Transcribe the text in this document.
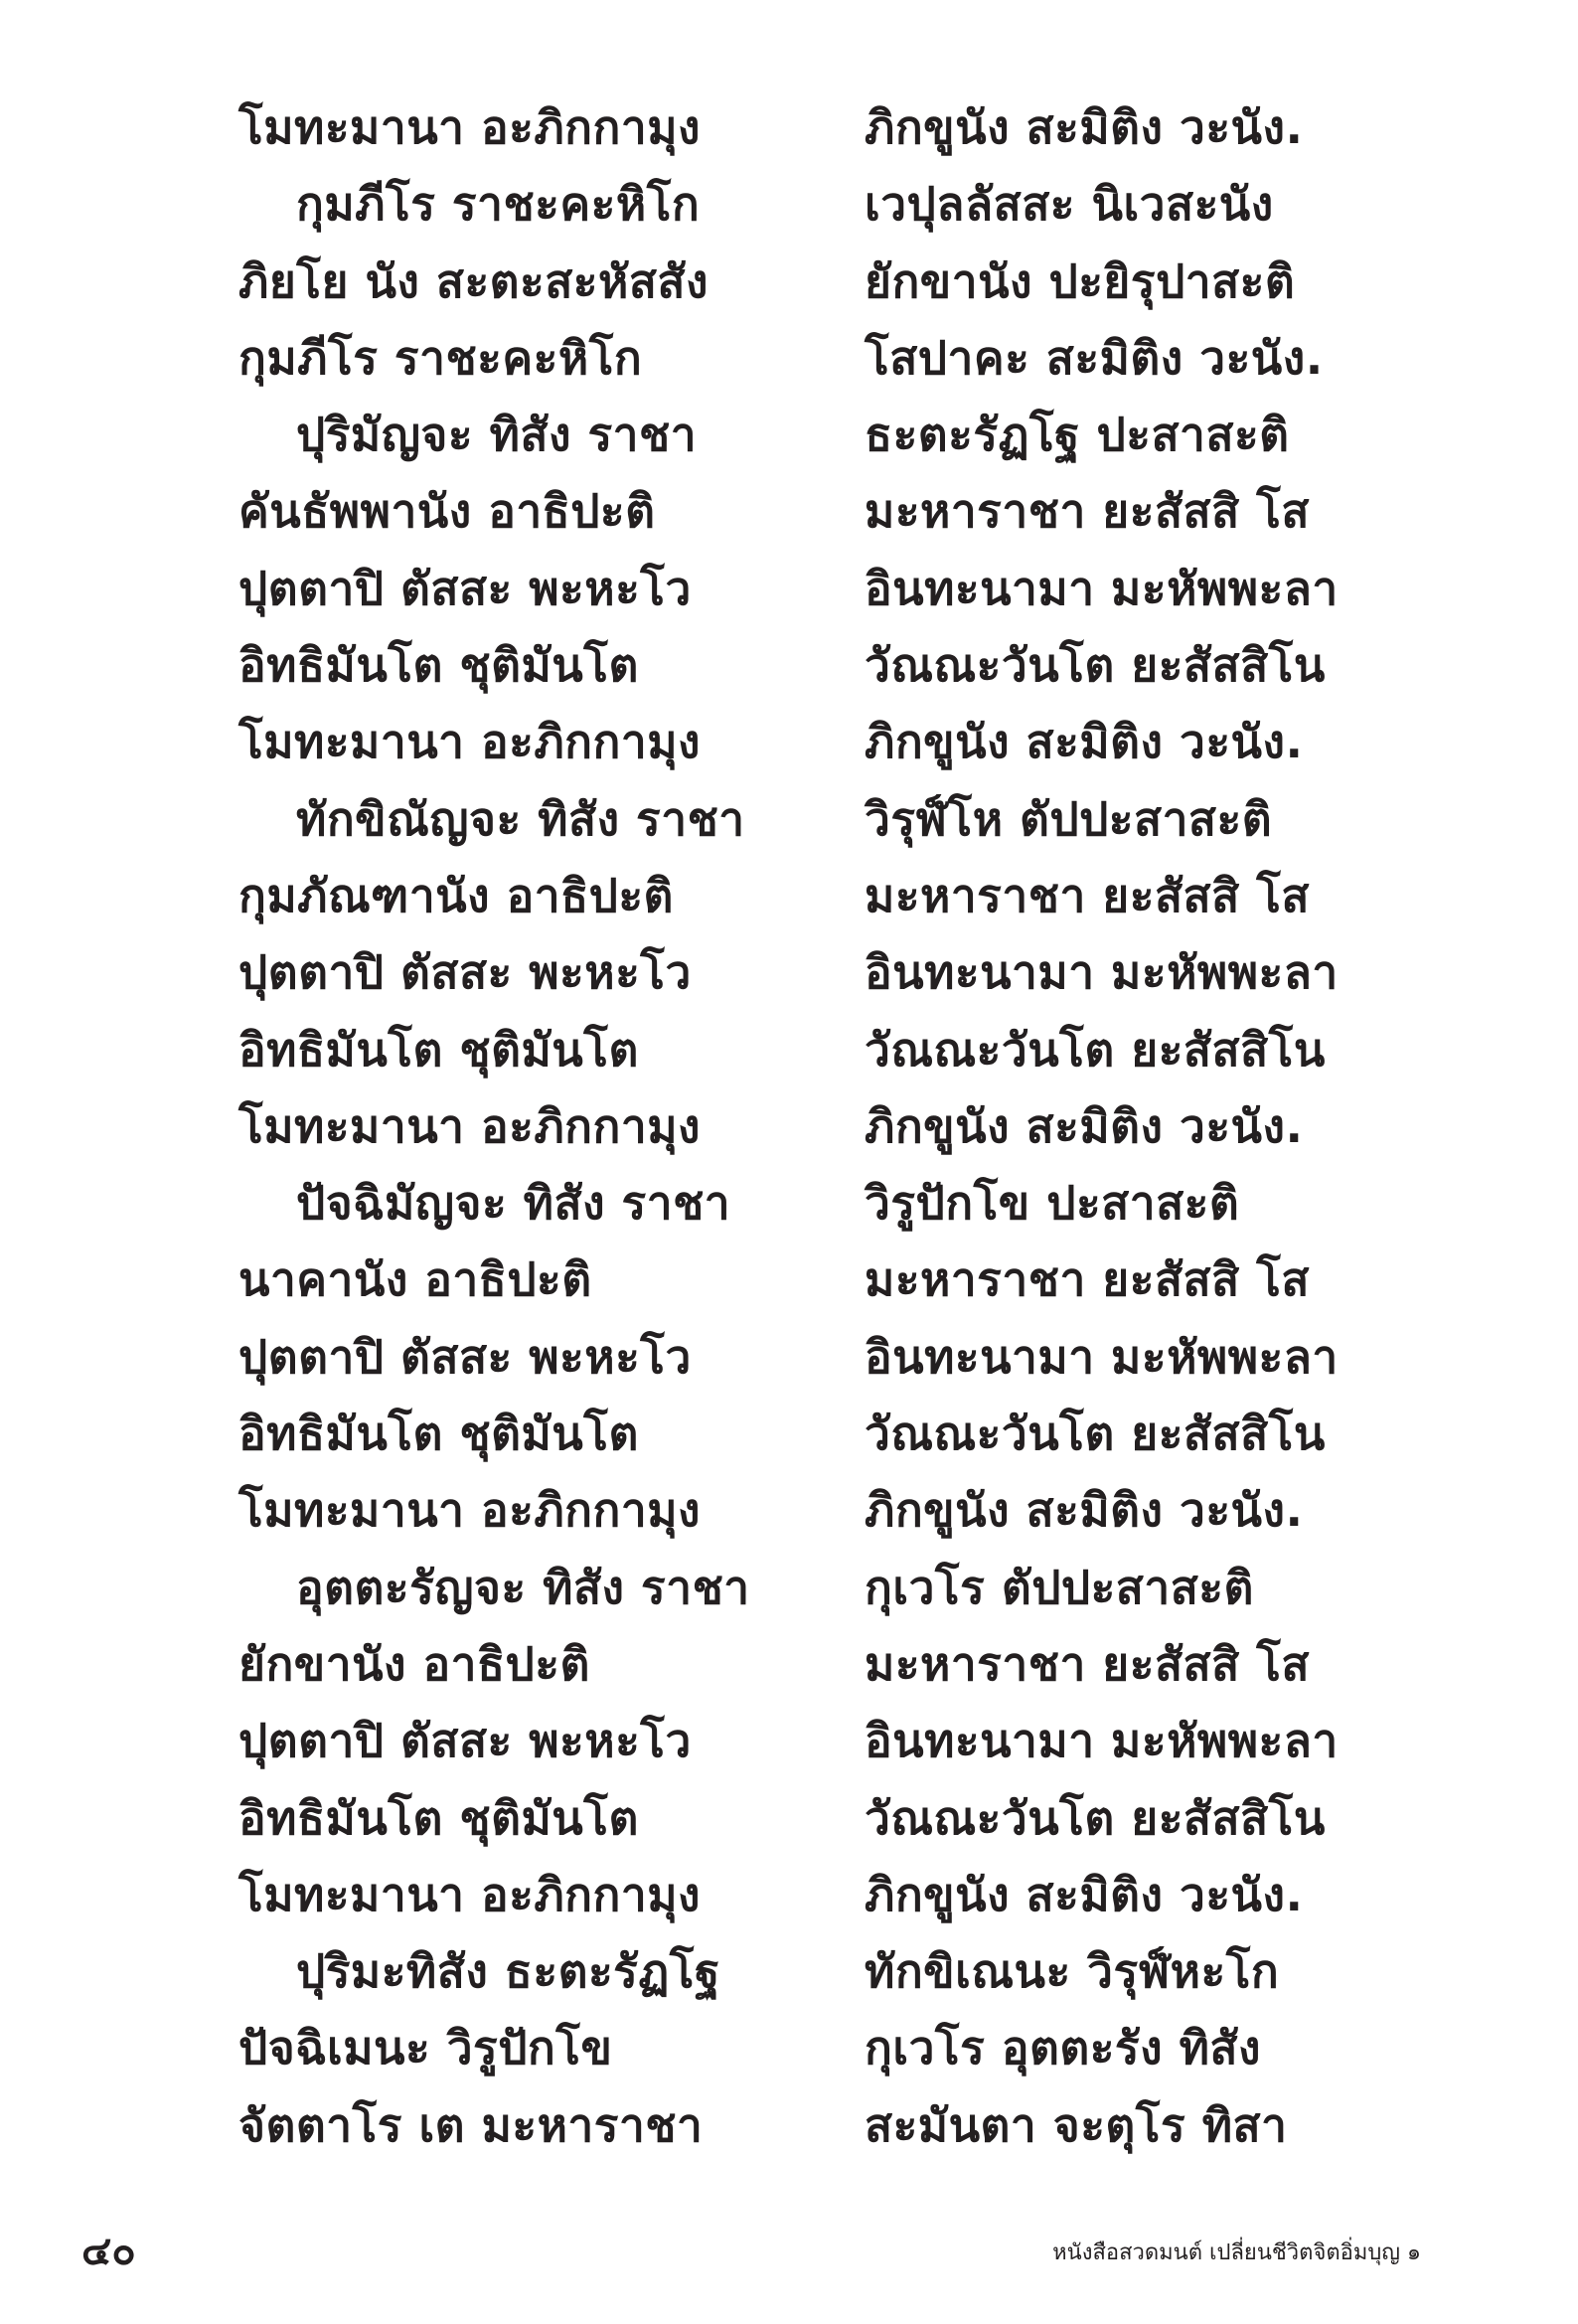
โมทะมานา อะภิกกามุง	ภิกขูนัง สะมิติง วะนัง.
กุมภีโร ราชะคะหิโก	เวปุลลัสสะ นิเวสะนัง
ภิยโย นัง สะตะสะหัสสัง	ยักขานัง ปะยิรุปาสะติ
กุมภีโร ราชะคะหิโก	โสปาคะ สะมิติง วะนัง.
ปุริมัญจะ ทิสัง ราชา	ธะตะรัฏโฐ ปะสาสะติ
คันธัพพานัง อาธิปะติ	มะหาราชา ยะสัสสิ โส
ปุตตาปิ ตัสสะ พะหะโว	อินทะนามา มะหัพพะลา
อิทธิมันโต ชุติมันโต	วัณณะวันโต ยะสัสสิโน
โมทะมานา อะภิกกามุง	ภิกขูนัง สะมิติง วะนัง.
ทักขิณัญจะ ทิสัง ราชา	วิรุฬ์โห ตัปปะสาสะติ
กุมภัณฑานัง อาธิปะติ	มะหาราชา ยะสัสสิ โส
ปุตตาปิ ตัสสะ พะหะโว	อินทะนามา มะหัพพะลา
อิทธิมันโต ชุติมันโต	วัณณะวันโต ยะสัสสิโน
โมทะมานา อะภิกกามุง	ภิกขูนัง สะมิติง วะนัง.
ปัจฉิมัญจะ ทิสัง ราชา	วิรูปักโข ปะสาสะติ
นาคานัง อาธิปะติ	มะหาราชา ยะสัสสิ โส
ปุตตาปิ ตัสสะ พะหะโว	อินทะนามา มะหัพพะลา
อิทธิมันโต ชุติมันโต	วัณณะวันโต ยะสัสสิโน
โมทะมานา อะภิกกามุง	ภิกขูนัง สะมิติง วะนัง.
อุตตะรัญจะ ทิสัง ราชา	กุเวโร ตัปปะสาสะติ
ยักขานัง อาธิปะติ	มะหาราชา ยะสัสสิ โส
ปุตตาปิ ตัสสะ พะหะโว	อินทะนามา มะหัพพะลา
อิทธิมันโต ชุติมันโต	วัณณะวันโต ยะสัสสิโน
โมทะมานา อะภิกกามุง	ภิกขูนัง สะมิติง วะนัง.
ปุริมะทิสัง ธะตะรัฏโฐ	ทักขิเณนะ วิรุฬ์หะโก
ปัจฉิเมนะ วิรูปักโข	กุเวโร อุตตะรัง ทิสัง
จัตตาโร เต มะหาราชา	สะมันตา จะตุโร ทิสา
๔๐	หนังสือสวดมนต์ เปลี่ยนชีวิตจิตอิ่มบุญ ๑
